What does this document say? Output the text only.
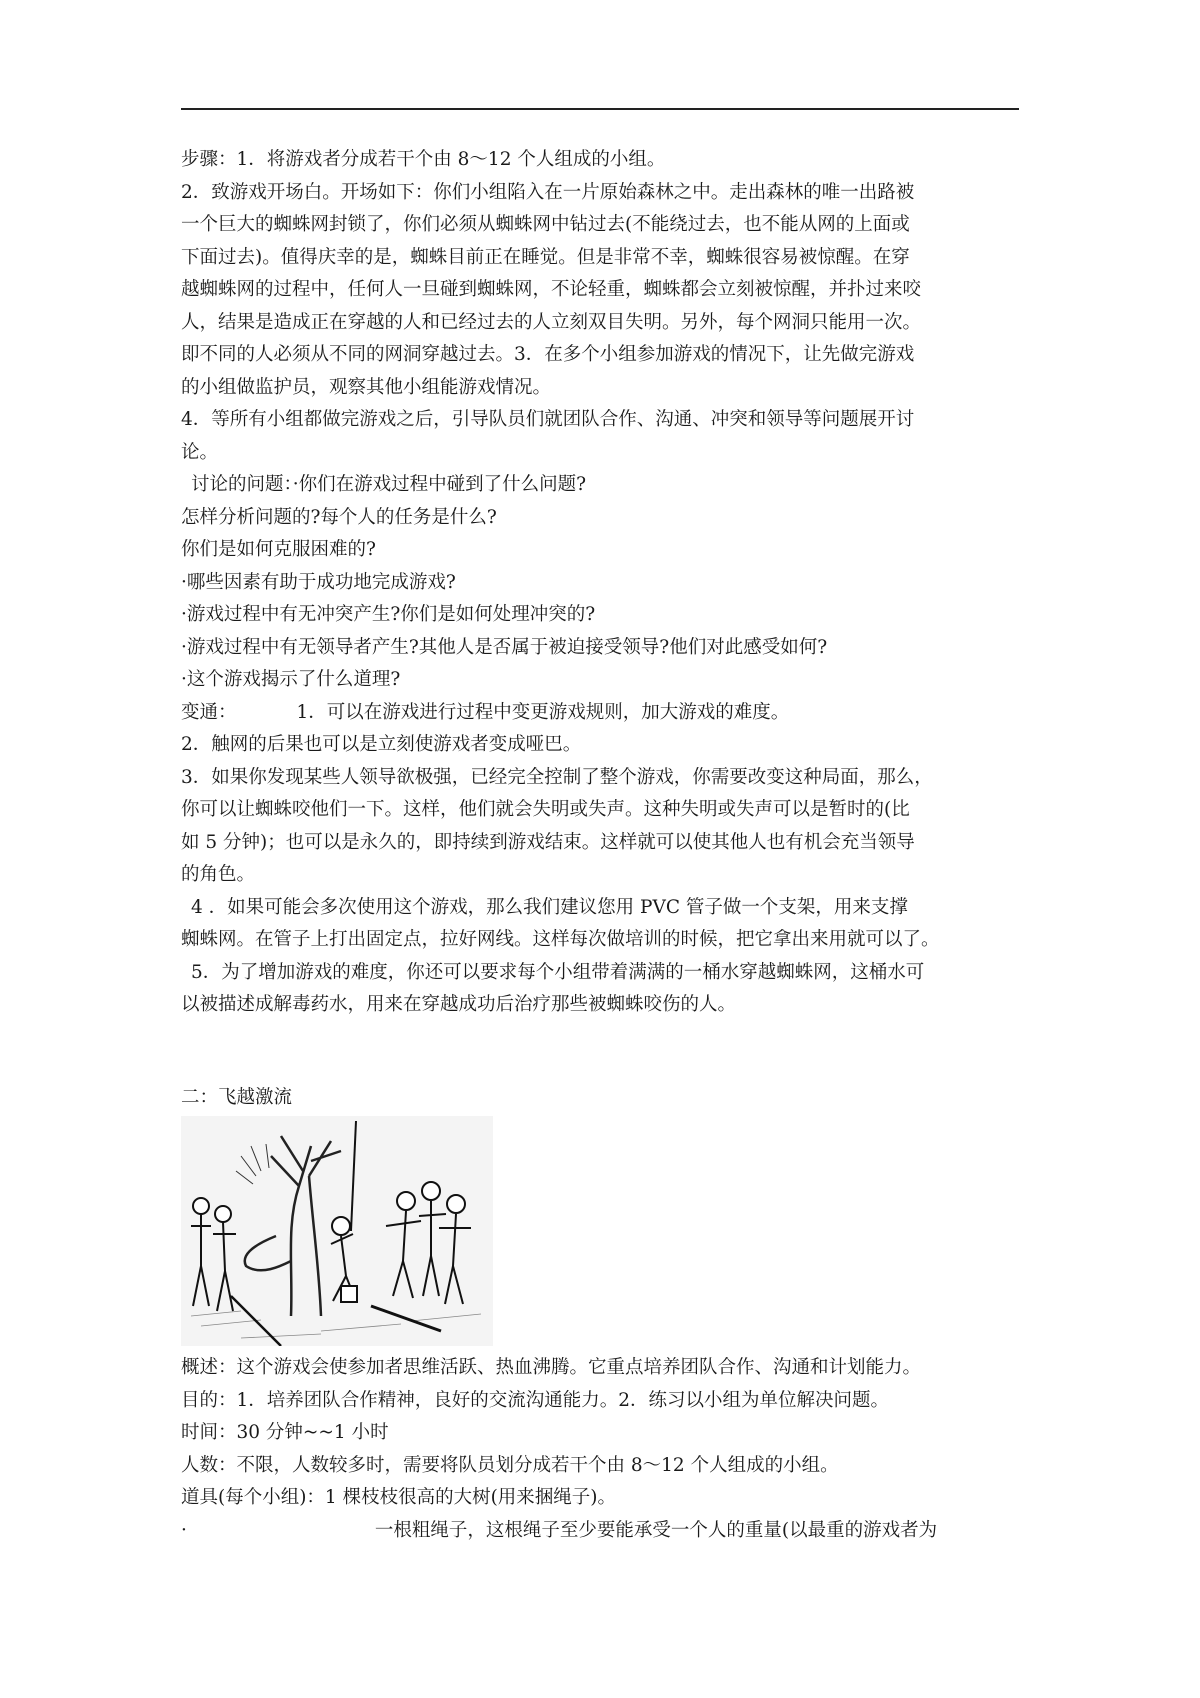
步骤：1．将游戏者分成若干个由 8～12 个人组成的小组。
2．致游戏开场白。开场如下：你们小组陷入在一片原始森林之中。走出森林的唯一出路被
一个巨大的蜘蛛网封锁了，你们必须从蜘蛛网中钻过去(不能绕过去，也不能从网的上面或
下面过去)。值得庆幸的是，蜘蛛目前正在睡觉。但是非常不幸，蜘蛛很容易被惊醒。在穿
越蜘蛛网的过程中，任何人一旦碰到蜘蛛网，不论轻重，蜘蛛都会立刻被惊醒，并扑过来咬
人，结果是造成正在穿越的人和已经过去的人立刻双目失明。另外，每个网洞只能用一次。
即不同的人必须从不同的网洞穿越过去。3．在多个小组参加游戏的情况下，让先做完游戏
的小组做监护员，观察其他小组能游戏情况。
4．等所有小组都做完游戏之后，引导队员们就团队合作、沟通、冲突和领导等问题展开讨
论。
讨论的问题：·你们在游戏过程中碰到了什么问题?
怎样分析问题的?每个人的任务是什么?
你们是如何克服困难的?
·哪些因素有助于成功地完成游戏?
·游戏过程中有无冲突产生?你们是如何处理冲突的?
·游戏过程中有无领导者产生?其他人是否属于被迫接受领导?他们对此感受如何?
·这个游戏揭示了什么道理?
变通：	1．可以在游戏进行过程中变更游戏规则，加大游戏的难度。
2．触网的后果也可以是立刻使游戏者变成哑巴。
3．如果你发现某些人领导欲极强，已经完全控制了整个游戏，你需要改变这种局面，那么，
你可以让蜘蛛咬他们一下。这样，他们就会失明或失声。这种失明或失声可以是暂时的(比
如 5 分钟)；也可以是永久的，即持续到游戏结束。这样就可以使其他人也有机会充当领导
的角色。
4 ．如果可能会多次使用这个游戏，那么我们建议您用 PVC 管子做一个支架，用来支撑
蜘蛛网。在管子上打出固定点，拉好网线。这样每次做培训的时候，把它拿出来用就可以了。
5．为了增加游戏的难度，你还可以要求每个小组带着满满的一桶水穿越蜘蛛网，这桶水可
以被描述成解毒药水，用来在穿越成功后治疗那些被蜘蛛咬伤的人。
二：飞越激流
概述：这个游戏会使参加者思维活跃、热血沸腾。它重点培养团队合作、沟通和计划能力。
目的：1．培养团队合作精神，良好的交流沟通能力。2．练习以小组为单位解决问题。
时间：30 分钟~~1 小时
人数：不限，人数较多时，需要将队员划分成若干个由 8～12 个人组成的小组。
道具(每个小组)：1 棵枝枝很高的大树(用来捆绳子)。
·	一根粗绳子，这根绳子至少要能承受一个人的重量(以最重的游戏者为
